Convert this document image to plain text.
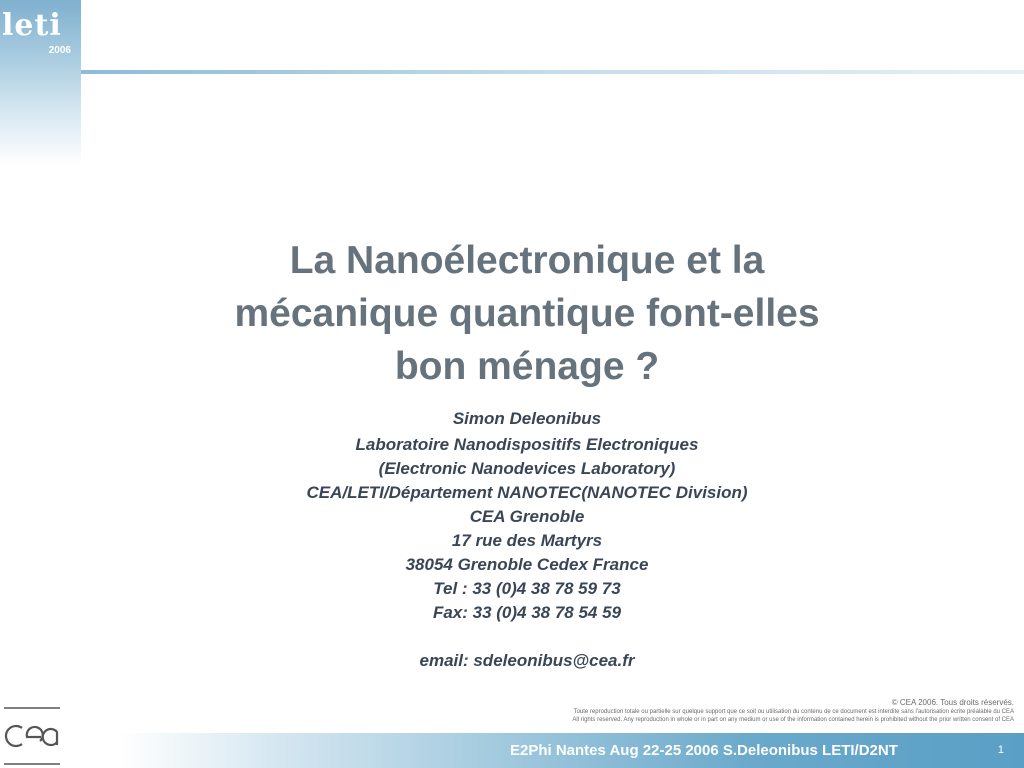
leti
2006
La Nanoélectronique et la
mécanique quantique font-elles
bon ménage ?
Simon Deleonibus
Laboratoire Nanodispositifs Electroniques
(Electronic Nanodevices Laboratory)
CEA/LETI/Département NANOTEC(NANOTEC Division)
CEA Grenoble
17 rue des Martyrs
38054 Grenoble Cedex France
Tel : 33 (0)4 38 78 59 73
Fax: 33 (0)4 38 78 54 59
email: sdeleonibus@cea.fr
© CEA 2006. Tous droits réservés.
Toute reproduction totale ou partielle sur quelque support que ce soit ou utilisation du contenu de ce document est interdite sans l'autorisation écrite préalable du CEA
All rights reserved. Any reproduction in whole or in part on any medium or use of the information contained herein is prohibited without the prior written consent of CEA
E2Phi Nantes Aug 22-25 2006 S.Deleonibus LETI/D2NT	1
